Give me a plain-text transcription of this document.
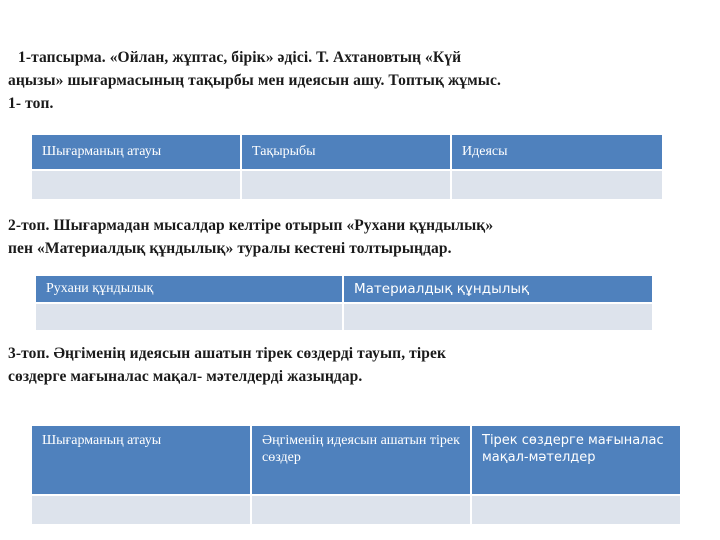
1-тапсырма. «Ойлан, жұптас, бірік» әдісі. Т. Ахтановтың «Күй
аңызы» шығармасының тақырбы мен идеясын ашу. Топтық жұмыс.
1- топ.

Шығарманың атауы	Тақырыбы	Идеясы

2-топ. Шығармадан мысалдар келтіре отырып «Рухани құндылық»
пен «Материалдық құндылық» туралы кестені толтырыңдар.

Рухани құндылық	Материалдық құндылық

3-топ. Әңгіменің идеясын ашатын тірек сөздерді тауып, тірек
сөздерге мағыналас мақал- мәтелдерді жазыңдар.

Шығарманың атауы	Әңгіменің идеясын ашатын тірек сөздер	Тірек сөздерге мағыналас мақал-мәтелдер
